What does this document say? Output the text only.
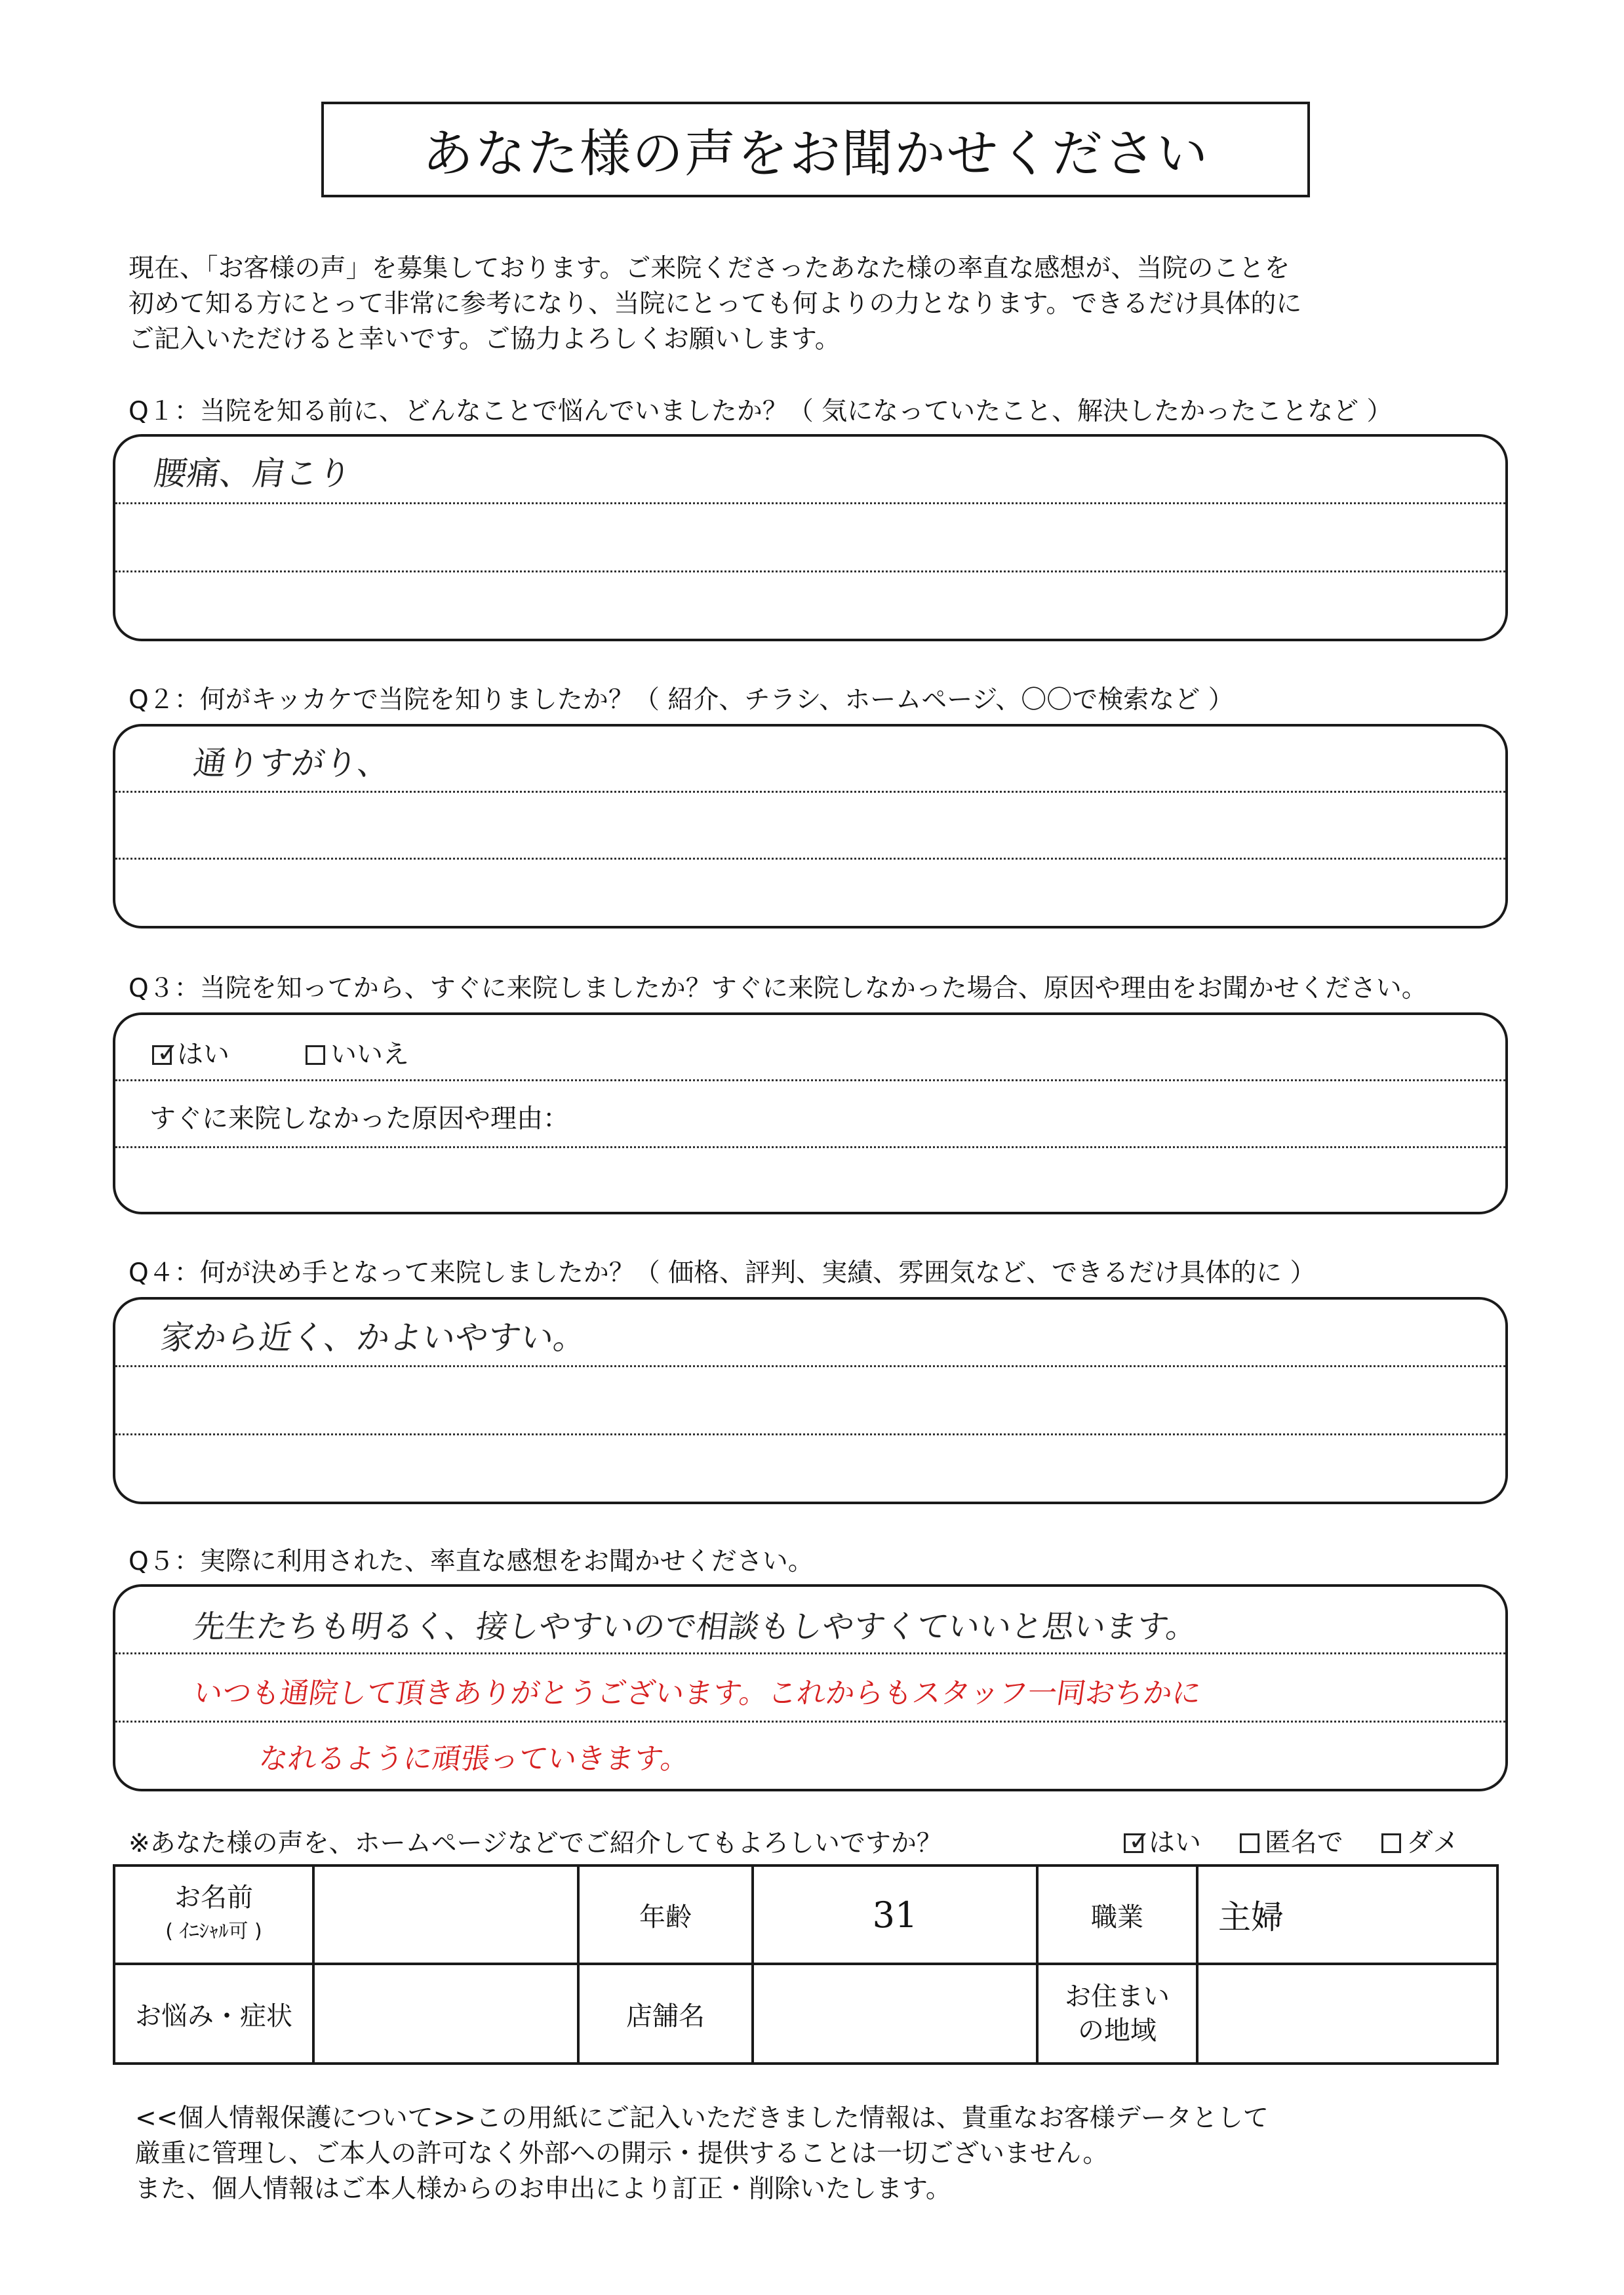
あなた様の声をお聞かせください
現在、「お客様の声」を募集しております。ご来院くださったあなた様の率直な感想が、当院のことを
初めて知る方にとって非常に参考になり、当院にとっても何よりの力となります。できるだけ具体的に
ご記入いただけると幸いです。ご協力よろしくお願いします。
Q１：当院を知る前に、どんなことで悩んでいましたか？（ 気になっていたこと、解決したかったことなど ）
腰痛、肩こり
Q２：何がキッカケで当院を知りましたか？（ 紹介、チラシ、ホームページ、〇〇で検索など ）
通りすがり、
Q３：当院を知ってから、すぐに来院しましたか？すぐに来院しなかった場合、原因や理由をお聞かせください。
✓
はい	いいえ
すぐに来院しなかった原因や理由：
Q４：何が決め手となって来院しましたか？（ 価格、評判、実績、雰囲気など、できるだけ具体的に ）
家から近く、かよいやすい。
Q５：実際に利用された、率直な感想をお聞かせください。
先生たちも明るく、接しやすいので相談もしやすくていいと思います。
いつも通院して頂きありがとうございます。これからもスタッフ一同おちかに
なれるように頑張っていきます。
※あなた様の声を、ホームページなどでご紹介してもよろしいですか？	✓
はい 匿名で ダメ
お名前
( ｲﾆｼｬﾙ可 )		年齢	31	職業	主婦
お悩み・症状		店舗名		お住まい
の地域	

<<個人情報保護について>>この用紙にご記入いただきました情報は、貴重なお客様データとして
厳重に管理し、ご本人の許可なく外部への開示・提供することは一切ございません。
また、個人情報はご本人様からのお申出により訂正・削除いたします。
